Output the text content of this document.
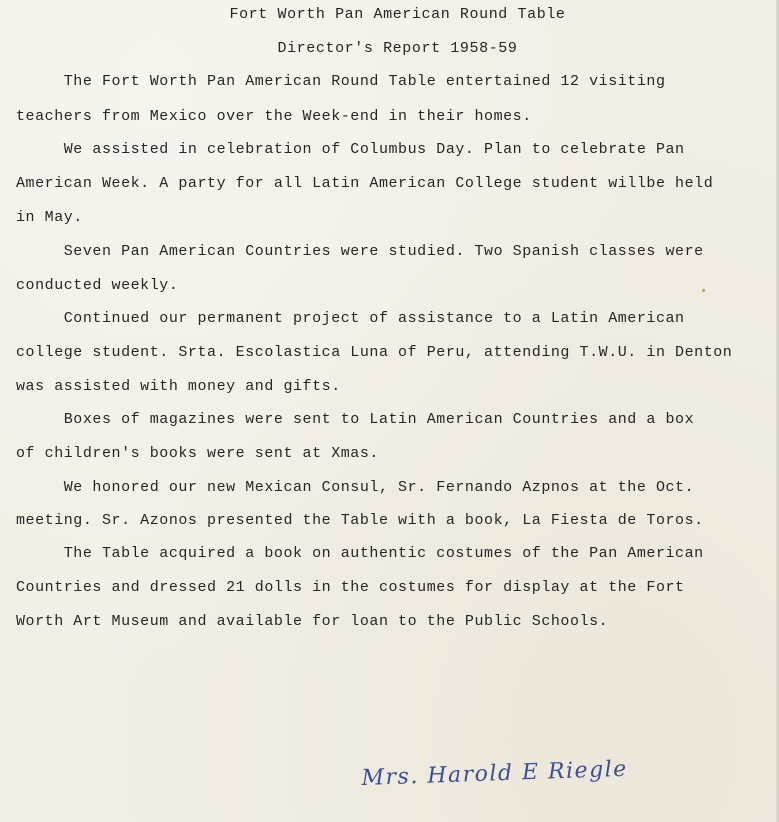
Fort Worth Pan American Round Table
Director's Report 1958-59

The Fort Worth Pan American Round Table entertained 12 visiting

teachers from Mexico over the Week-end in their homes.

We assisted in celebration of Columbus Day. Plan to celebrate Pan

American Week. A party for all Latin American College student willbe held

in May.

Seven Pan American Countries were studied. Two Spanish classes were

conducted weekly.

Continued our permanent project of assistance to a Latin American

college student. Srta. Escolastica Luna of Peru, attending T.W.U. in Denton

was assisted with money and gifts.

Boxes of magazines were sent to Latin American Countries and a box

of children's books were sent at Xmas.

We honored our new Mexican Consul, Sr. Fernando Azpnos at the Oct.

meeting. Sr. Azonos presented the Table with a book, La Fiesta de Toros.

The Table acquired a book on authentic costumes of the Pan American

Countries and dressed 21 dolls in the costumes for display at the Fort

Worth Art Museum and available for loan to the Public Schools.

Mrs. Harold E Riegle
